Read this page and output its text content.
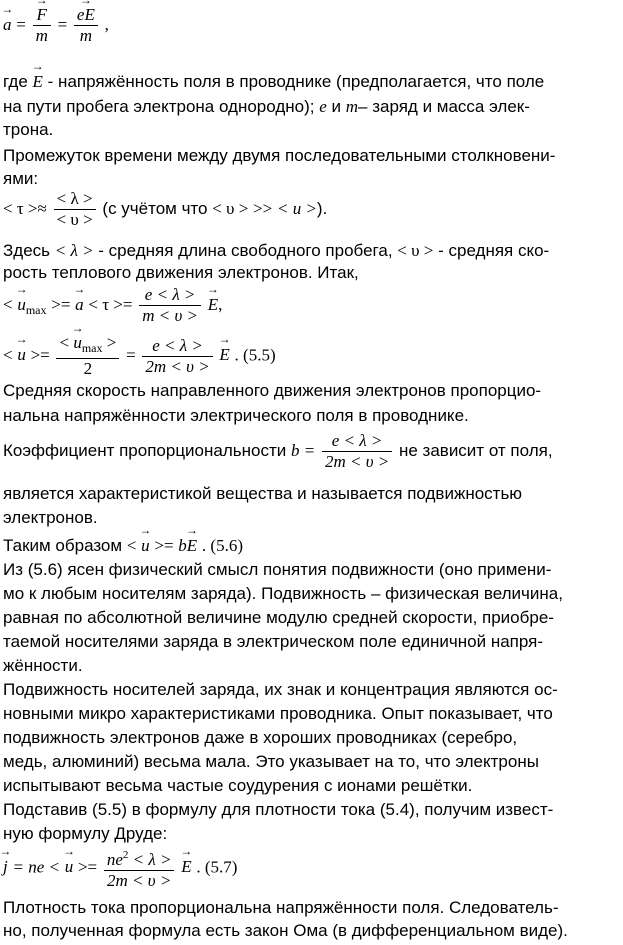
→ a =
→ $\frac{F}{m}$ =
→ $\frac{eE}{m}$ ,
где → E - напряжённость поля в проводнике (предполагается, что поле
на пути пробега электрона однородно); e и m– заряд и масса элек-
трона.
Промежуток времени между двумя последовательными столкновени-
ями:
< $\tau >\approx \frac{< \lambda >}{< \upsilon >} (с$ учётом что < υ > >> < u >).
Здесь < λ > - средняя длина свободного пробега, < υ > - средняя ско-
рость теплового движения электронов. Итак,
< → $u_{max}$ >= → $a < \tau >= \frac{e < \lambda >}{m < \upsilon >}$
→ E,
< → $u >= \frac{< \to u_{max} >}{2} = \frac{e < \lambda >}{2m < \upsilon >}$
→ E . (5.5)
Средняя скорость направленного движения электронов пропорцио-
нальна напряжённости электрического поля в проводнике.
Коэффициент пропорциональности $b = \frac{e < \lambda >}{2m < \upsilon >}$ не зависит от поля,
является характеристикой вещества и называется подвижностью
электронов.
Таким образом < → u >= b→ E . (5.6)
Из (5.6) ясен физический смысл понятия подвижности (оно примени-
мо к любым носителям заряда). Подвижность – физическая величина,
равная по абсолютной величине модулю средней скорости, приобре-
таемой носителями заряда в электрическом поле единичной напря-
жённости.
Подвижность носителей заряда, их знак и концентрация являются ос-
новными микро характеристиками проводника. Опыт показывает, что
подвижность электронов даже в хороших проводниках (серебро,
медь, алюминий) весьма мала. Это указывает на то, что электроны
испытывают весьма частые соудурения с ионами решётки.
Подставив (5.5) в формулу для плотности тока (5.4), получим извест-
ную формулу Друде:
→ j = ne < → $u >= \frac{ne^2 < \lambda >}{2m < \upsilon >}$
→ E . (5.7)
Плотность тока пропорциональна напряжённости поля. Следователь-
но, полученная формула есть закон Ома (в дифференциальном виде).
